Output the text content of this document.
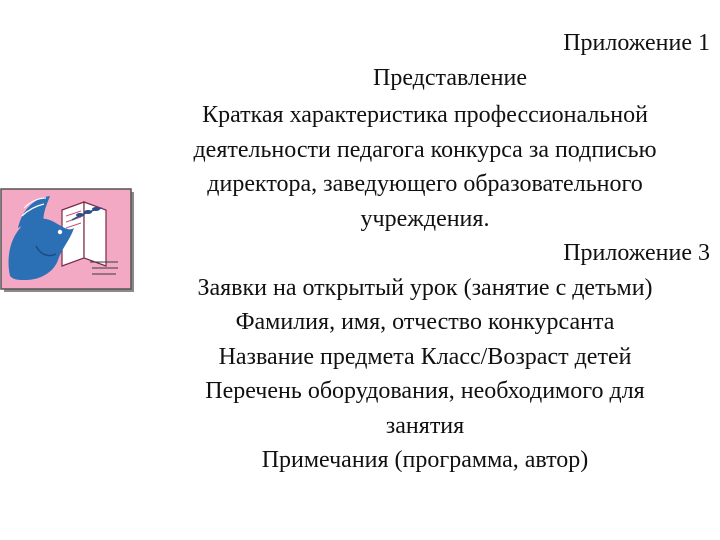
Приложение 1
Представление
Краткая характеристика профессиональной
деятельности педагога конкурса за подписью
директора, заведующего образовательного
учреждения.
Приложение 3
Заявки на открытый урок (занятие с детьми)
Фамилия, имя, отчество конкурсанта
Название предмета Класс/Возраст детей
Перечень оборудования, необходимого для
занятия
Примечания (программа, автор)
